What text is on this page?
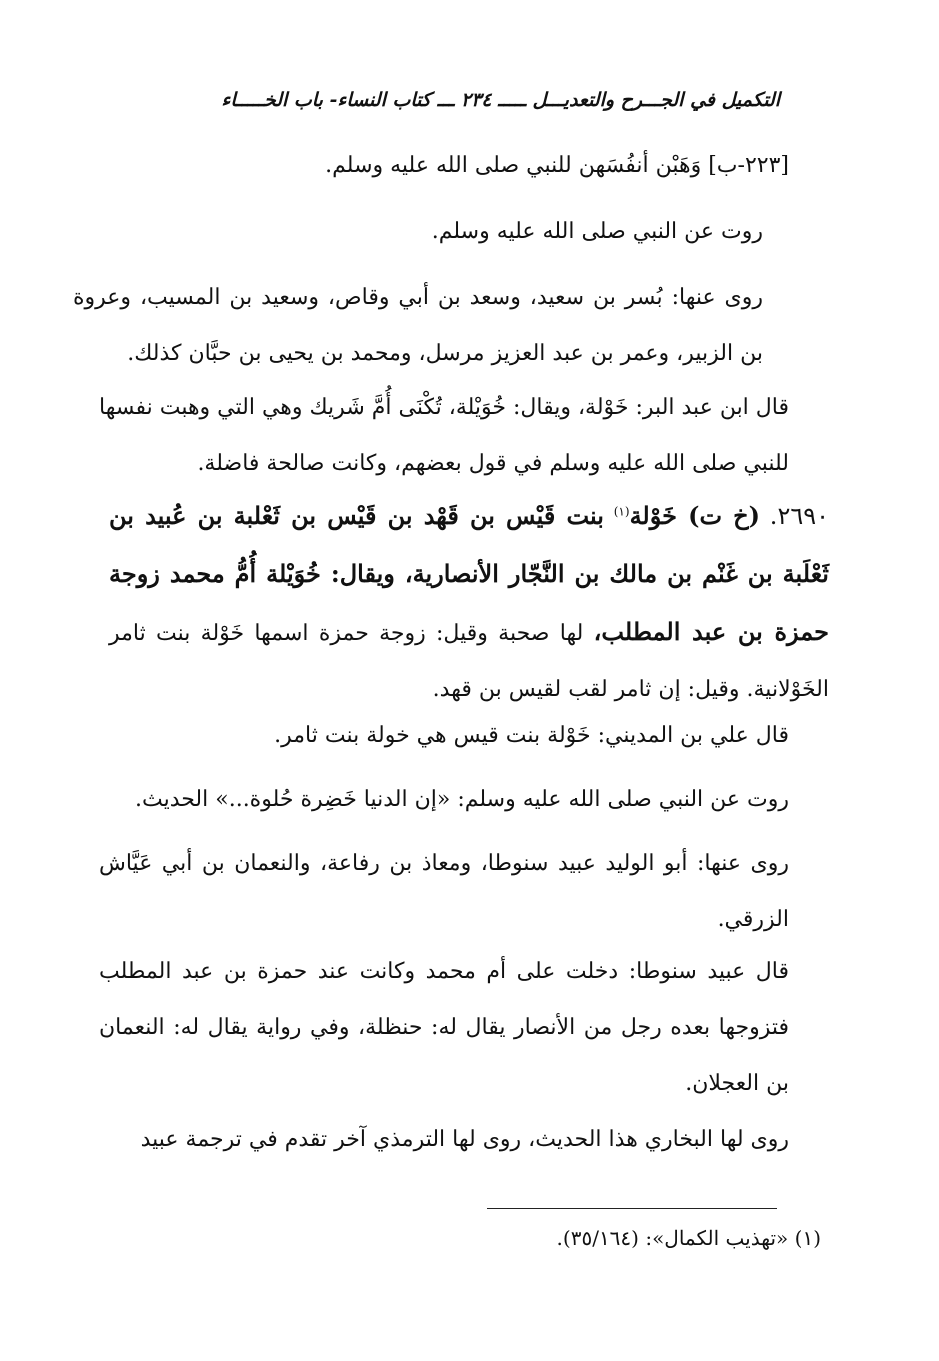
التكميل في الجـــرح والتعديـــل ـــــ ٢٣٤ ـــ كتاب النساء- باب الخـــــاء

[٢٢٣-ب] وَهَبْن أنفُسَهن للنبي صلى الله عليه وسلم.

روت عن النبي صلى الله عليه وسلم.

روى عنها: بُسر بن سعيد، وسعد بن أبي وقاص، وسعيد بن المسيب، وعروة بن الزبير، وعمر بن عبد العزيز مرسل، ومحمد بن يحيى بن حبَّان كذلك.

قال ابن عبد البر: خَوْلة، ويقال: خُوَيْلة، تُكْنَى أُمَّ شَريك وهي التي وهبت نفسها للنبي صلى الله عليه وسلم في قول بعضهم، وكانت صالحة فاضلة.

٢٦٩٠. (خ ت) خَوْلة$^{(١)}$ بنت قَيْس بن قَهْد بن قَيْس بن ثَعْلبة بن عُبيد بن ثَعْلَبة بن غَنْم بن مالك بن النَّجّار الأنصارية، ويقال: خُوَيْلة أُمُّ محمد زوجة حمزة بن عبد المطلب، لها صحبة وقيل: زوجة حمزة اسمها خَوْلة بنت ثامر الخَوْلانية. وقيل: إن ثامر لقب لقيس بن قهد.

قال علي بن المديني: خَوْلة بنت قيس هي خولة بنت ثامر.

روت عن النبي صلى الله عليه وسلم: «إن الدنيا خَضِرة حُلوة...» الحديث.

روى عنها: أبو الوليد عبيد سنوطا، ومعاذ بن رفاعة، والنعمان بن أبي عَيَّاش الزرقي.

قال عبيد سنوطا: دخلت على أم محمد وكانت عند حمزة بن عبد المطلب فتزوجها بعده رجل من الأنصار يقال له: حنظلة، وفي رواية يقال له: النعمان بن العجلان.

روى لها البخاري هذا الحديث، روى لها الترمذي آخر تقدم في ترجمة عبيد

(١) «تهذيب الكمال»: (٣٥/١٦٤).
